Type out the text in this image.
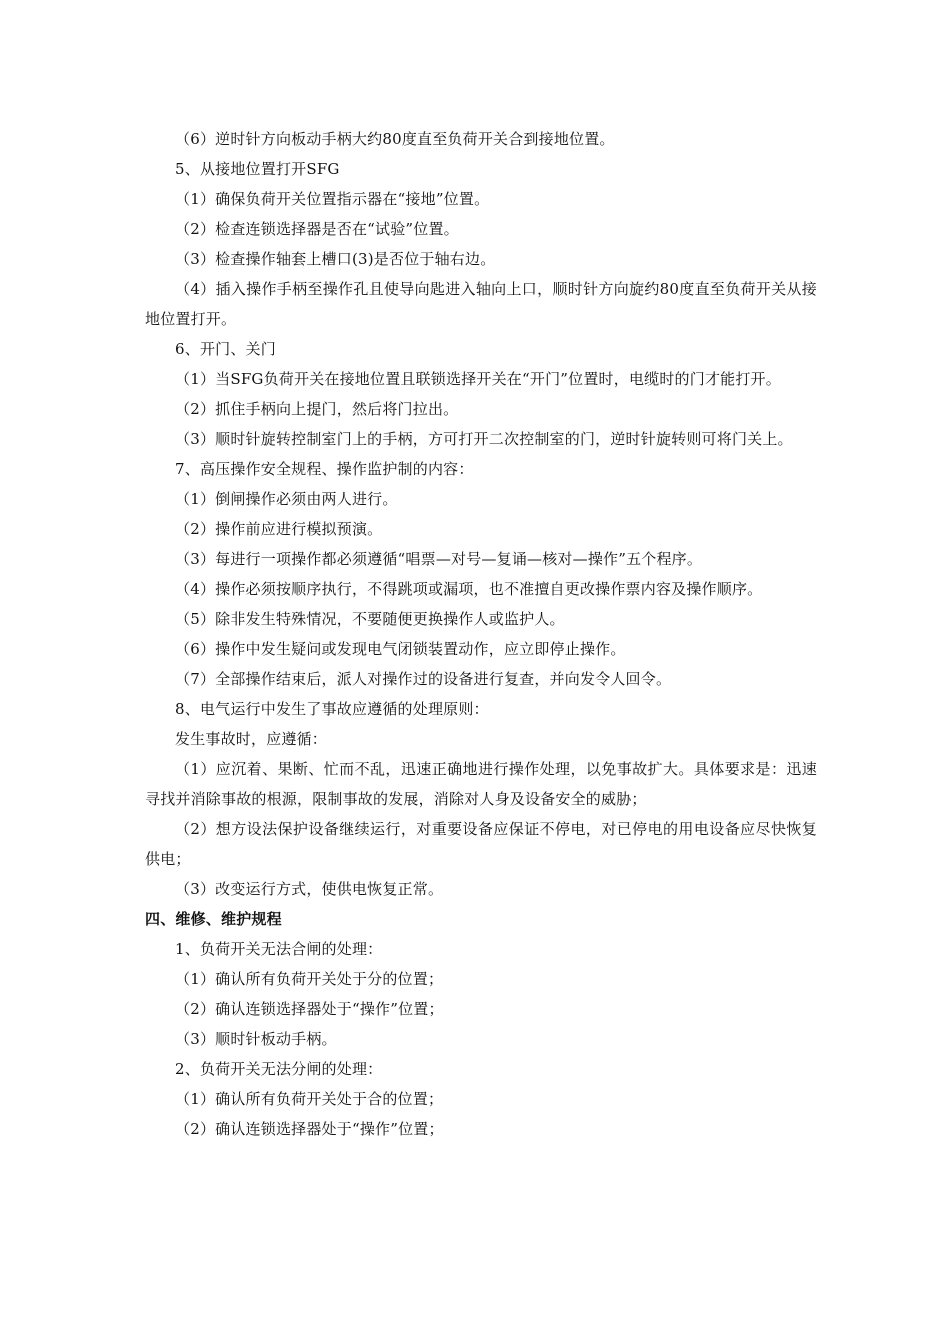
（6）逆时针方向板动手柄大约80度直至负荷开关合到接地位置。

5、从接地位置打开SFG

（1）确保负荷开关位置指示器在“接地”位置。

（2）检查连锁选择器是否在“试验”位置。

（3）检查操作轴套上槽口(3)是否位于轴右边。

（4）插入操作手柄至操作孔且使导向匙进入轴向上口，顺时针方向旋约80度直至负荷开关从接地位置打开。

6、开门、关门

（1）当SFG负荷开关在接地位置且联锁选择开关在“开门”位置时，电缆时的门才能打开。

（2）抓住手柄向上提门，然后将门拉出。

（3）顺时针旋转控制室门上的手柄，方可打开二次控制室的门，逆时针旋转则可将门关上。

7、高压操作安全规程、操作监护制的内容：

（1）倒闸操作必须由两人进行。

（2）操作前应进行模拟预演。

（3）每进行一项操作都必须遵循“唱票—对号—复诵—核对—操作”五个程序。

（4）操作必须按顺序执行，不得跳项或漏项，也不准擅自更改操作票内容及操作顺序。

（5）除非发生特殊情况，不要随便更换操作人或监护人。

（6）操作中发生疑问或发现电气闭锁装置动作，应立即停止操作。

（7）全部操作结束后，派人对操作过的设备进行复查，并向发令人回令。

8、电气运行中发生了事故应遵循的处理原则：

发生事故时，应遵循：

（1）应沉着、果断、忙而不乱，迅速正确地进行操作处理，以免事故扩大。具体要求是：迅速寻找并消除事故的根源，限制事故的发展，消除对人身及设备安全的威胁；

（2）想方设法保护设备继续运行，对重要设备应保证不停电，对已停电的用电设备应尽快恢复供电；

（3）改变运行方式，使供电恢复正常。

四、维修、维护规程

1、负荷开关无法合闸的处理：

（1）确认所有负荷开关处于分的位置；

（2）确认连锁选择器处于“操作”位置；

（3）顺时针板动手柄。

2、负荷开关无法分闸的处理：

（1）确认所有负荷开关处于合的位置；

（2）确认连锁选择器处于“操作”位置；
